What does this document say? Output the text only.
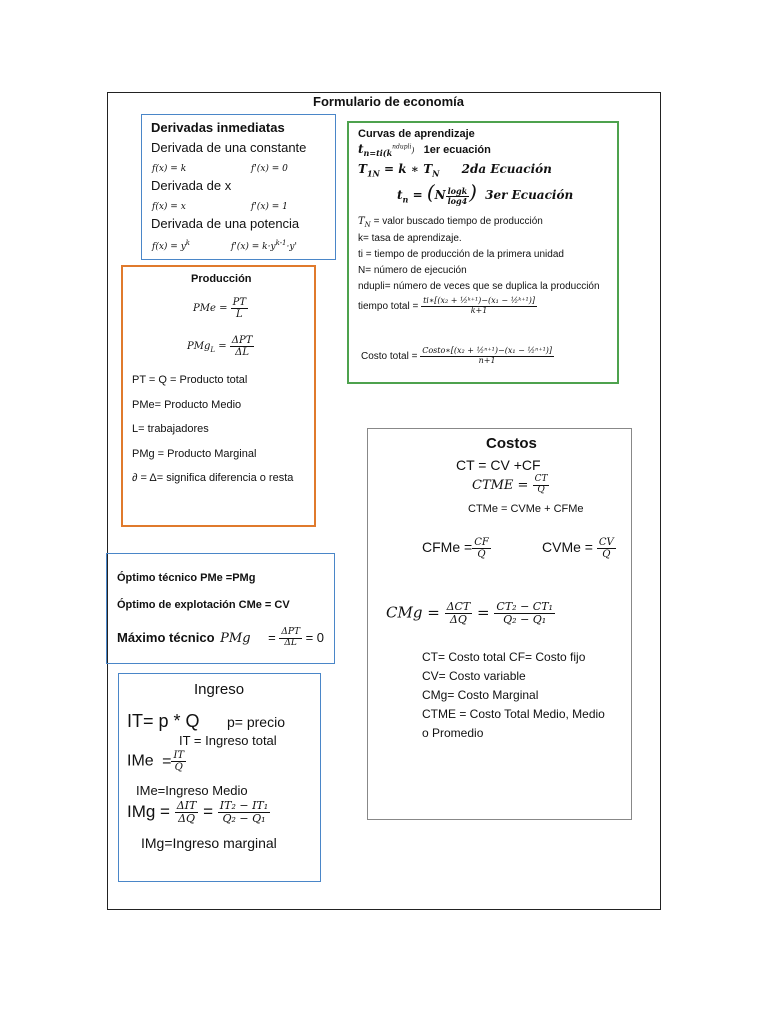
Formulario de economía
Derivadas inmediatas
Derivada de una constante
f(x) = k	f'(x) = 0
Derivada de x
f(x) = x	f'(x) = 1
Derivada de una potencia
$f(x) = y^k$	$f'(x) = k\cdot y^{k-1}\cdot y'$
Curvas de aprendizaje
$t_{n=ti(k}^{ndupli}$) 1er ecuación
$T_{1N} = k$ ∗ $T_N$ 2da Ecuación
$t_n = (N \frac{\log k}{\log 4}$ ) 3er Ecuación
$T_N$ = valor buscado tiempo de producción
k= tasa de aprendizaje.
ti = tiempo de producción de la primera unidad
N= número de ejecución
ndupli= número de veces que se duplica la producción
tiempo total = $\frac{\text{ti∗[(x₂ + ½ᵏ⁺¹)−(x₁ − ½ᵏ⁺¹)]}}{k+1}$
Costo total = $\frac{\text{Costo∗[(x₂ + ½ⁿ⁺¹)−(x₁ − ½ⁿ⁺¹)]}}{n+1}$
Producción
PMe = $\frac{PT}{L}$
$PMg_L = \frac{\text{ΔPT}}{\Delta L}$
PT = Q = Producto total
PMe= Producto Medio
L= trabajadores
PMg = Producto Marginal
∂ = Δ= significa diferencia o resta
Costos
CT = CV +CF
CTME = $\frac{CT}{Q}$
CTMe = CVMe + CFMe
CFMe = $\frac{CF}{Q}$	CVMe = $\frac{CV}{Q}$
CMg = $\frac{\text{ΔCT}}{\Delta Q} = \frac{\text{CT₂ − CT₁}}{\text{Q₂ − Q₁}}$
CT= Costo total CF= Costo fijo
CV= Costo variable
CMg= Costo Marginal
CTME = Costo Total Medio, Medio
o Promedio
Óptimo técnico PMe =PMg
Óptimo de explotación CMe = CV
Máximo técnico PMg = $\frac{\text{ΔPT}}{\Delta L} = 0$
Ingreso
IT= p * Q p= precio
IT = Ingreso total
IMe = $\frac{IT}{Q}$
IMe=Ingreso Medio
IMg = $\frac{\text{ΔIT}}{\Delta Q} = \frac{\text{IT₂ − IT₁}}{\text{Q₂ − Q₁}}$
IMg=Ingreso marginal
